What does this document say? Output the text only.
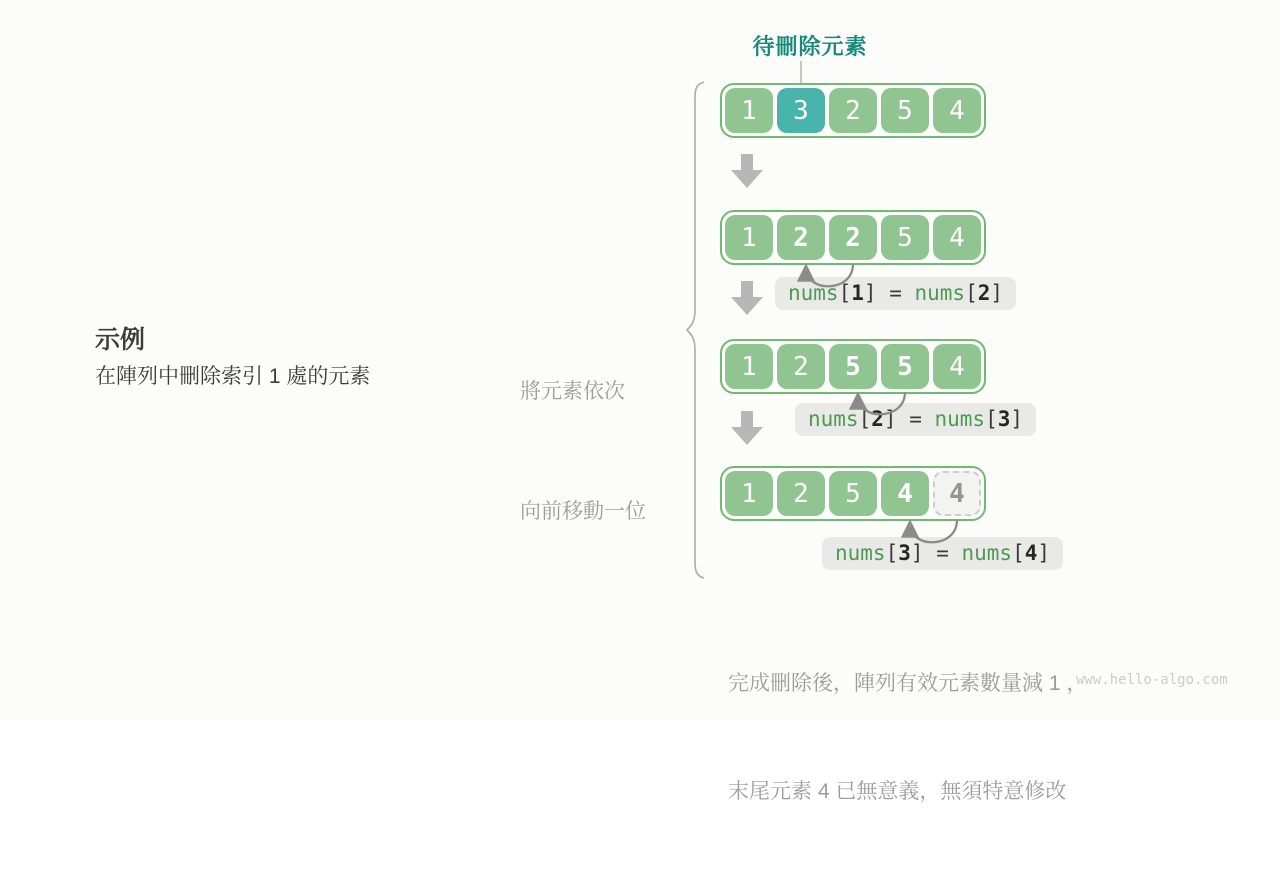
待刪除元素
1	3	2	5	4
1	2	2	5	4
nums[1] = nums[2]
1	2	5	5	4
nums[2] = nums[3]
1	2	5	4	4
nums[3] = nums[4]
示例
在陣列中刪除索引 1 處的元素

將元素依次

向前移動一位

完成刪除後，陣列有效元素數量減 1 ，

末尾元素 4 已無意義，無須特意修改

www.hello-algo.com
